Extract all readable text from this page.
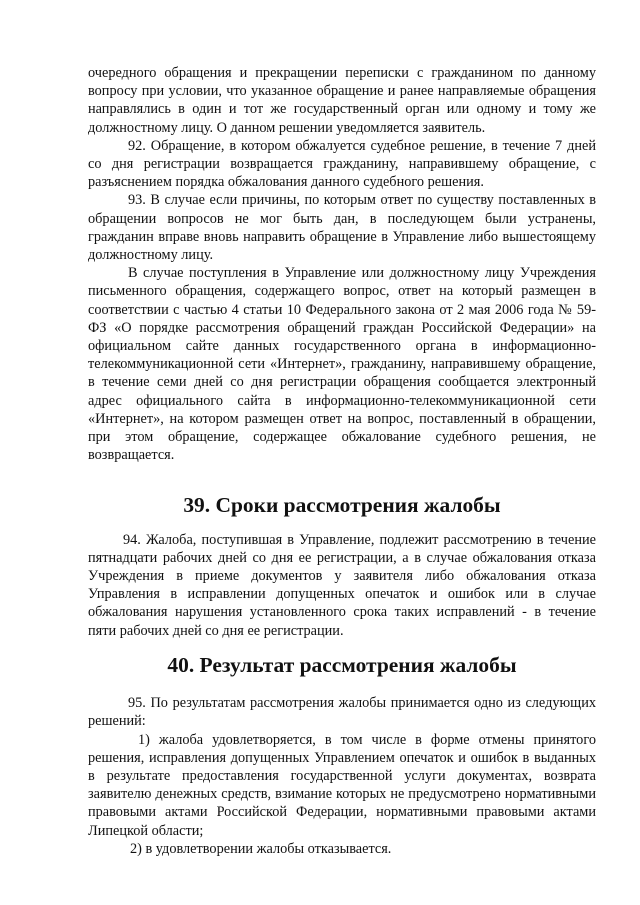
очередного обращения и прекращении переписки с гражданином по данному вопросу при условии, что указанное обращение и ранее направляемые обращения направлялись в один и тот же государственный орган или одному и тому же должностному лицу. О данном решении уведомляется заявитель.

92. Обращение, в котором обжалуется судебное решение, в течение 7 дней со дня регистрации возвращается гражданину, направившему обращение, с разъяснением порядка обжалования данного судебного решения.

93. В случае если причины, по которым ответ по существу поставленных в обращении вопросов не мог быть дан, в последующем были устранены, гражданин вправе вновь направить обращение в Управление либо вышестоящему должностному лицу.

В случае поступления в Управление или должностному лицу Учреждения письменного обращения, содержащего вопрос, ответ на который размещен в соответствии с частью 4 статьи 10 Федерального закона от 2 мая 2006 года № 59-ФЗ «О порядке рассмотрения обращений граждан Российской Федерации» на официальном сайте данных государственного органа в информационно-телекоммуникационной сети «Интернет», гражданину, направившему обращение, в течение семи дней со дня регистрации обращения сообщается электронный адрес официального сайта в информационно-телекоммуникационной сети «Интернет», на котором размещен ответ на вопрос, поставленный в обращении, при этом обращение, содержащее обжалование судебного решения, не возвращается.

39. Сроки рассмотрения жалобы

94. Жалоба, поступившая в Управление, подлежит рассмотрению в течение пятнадцати рабочих дней со дня ее регистрации, а в случае обжалования отказа Учреждения в приеме документов у заявителя либо обжалования отказа Управления в исправлении допущенных опечаток и ошибок или в случае обжалования нарушения установленного срока таких исправлений - в течение пяти рабочих дней со дня ее регистрации.

40. Результат рассмотрения жалобы

95. По результатам рассмотрения жалобы принимается одно из следующих решений:

1) жалоба удовлетворяется, в том числе в форме отмены принятого решения, исправления допущенных Управлением опечаток и ошибок в выданных в результате предоставления государственной услуги документах, возврата заявителю денежных средств, взимание которых не предусмотрено нормативными правовыми актами Российской Федерации, нормативными правовыми актами Липецкой области;

2) в удовлетворении жалобы отказывается.
